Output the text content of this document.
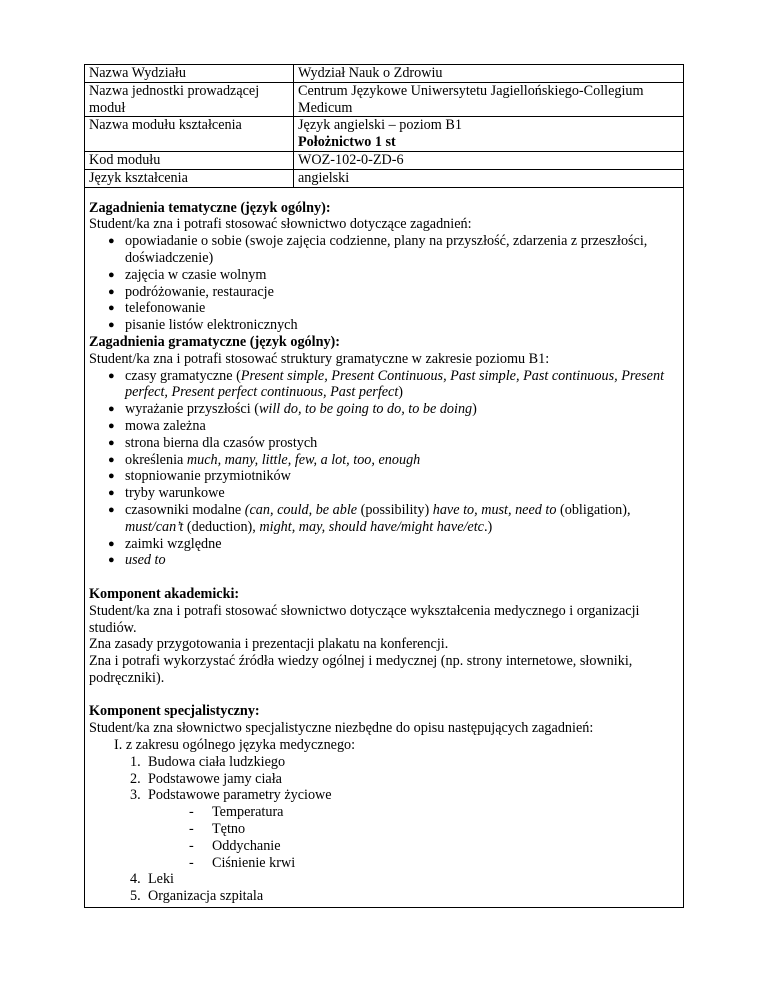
Nazwa Wydziału	Wydział Nauk o Zdrowiu
Nazwa jednostki prowadzącej moduł	Centrum Językowe Uniwersytetu Jagiellońskiego-Collegium Medicum
Nazwa modułu kształcenia	Język angielski – poziom B1
Położnictwo 1 st
Kod modułu	WOZ-102-0-ZD-6
Język kształcenia	angielski

Zagadnienia tematyczne (język ogólny):

Student/ka zna i potrafi stosować słownictwo dotyczące zagadnień:

● opowiadanie o sobie (swoje zajęcia codzienne, plany na przyszłość, zdarzenia z przeszłości, doświadczenie)
● zajęcia w czasie wolnym
● podróżowanie, restauracje
● telefonowanie
● pisanie listów elektronicznych

Zagadnienia gramatyczne (język ogólny):

Student/ka zna i potrafi stosować struktury gramatyczne w zakresie poziomu B1:

● czasy gramatyczne (Present simple, Present Continuous, Past simple, Past continuous, Present perfect, Present perfect continuous, Past perfect)
● wyrażanie przyszłości (will do, to be going to do, to be doing)
● mowa zależna
● strona bierna dla czasów prostych
● określenia much, many, little, few, a lot, too, enough
● stopniowanie przymiotników
● tryby warunkowe
● czasowniki modalne (can, could, be able (possibility) have to, must, need to (obligation), must/can’t (deduction), might, may, should have/might have/etc.)
● zaimki względne
● used to

Komponent akademicki:

Student/ka zna i potrafi stosować słownictwo dotyczące wykształcenia medycznego i organizacji studiów.

Zna zasady przygotowania i prezentacji plakatu na konferencji.

Zna i potrafi wykorzystać źródła wiedzy ogólnej i medycznej (np. strony internetowe, słowniki, podręczniki).

Komponent specjalistyczny:

Student/ka zna słownictwo specjalistyczne niezbędne do opisu następujących zagadnień:

I. z zakresu ogólnego języka medycznego:

1. Budowa ciała ludzkiego
2. Podstawowe jamy ciała
3. Podstawowe parametry życiowe
- Temperatura
- Tętno
- Oddychanie
- Ciśnienie krwi
4. Leki
5. Organizacja szpitala
